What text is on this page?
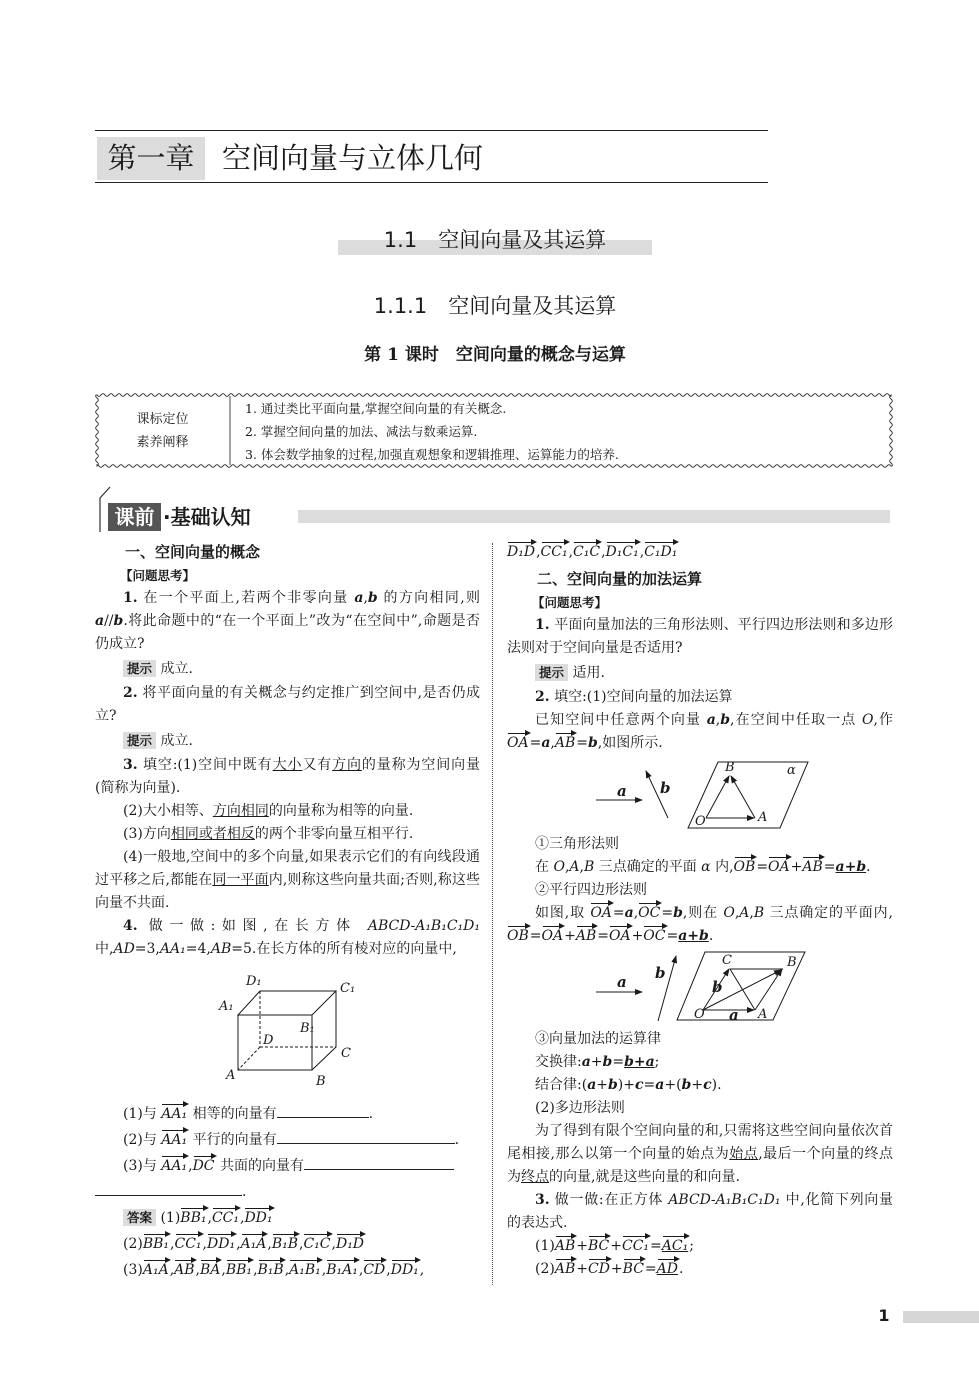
第一章 空间向量与立体几何
1.1　空间向量及其运算
1.1.1　空间向量及其运算
第 1 课时　空间向量的概念与运算
课标定位
素养阐释
1. 通过类比平面向量,掌握空间向量的有关概念.
2. 掌握空间向量的加法、减法与数乘运算.
3. 体会数学抽象的过程,加强直观想象和逻辑推理、运算能力的培养.
课前 ·基础认知

一、空间向量的概念

【问题思考】

1. 在一个平面上,若两个非零向量 a,b 的方向相同,则 a//b.将此命题中的“在一个平面上”改为“在空间中”,命题是否仍成立?

提示 成立.

2. 将平面向量的有关概念与约定推广到空间中,是否仍成立?

提示 成立.

3. 填空:(1)空间中既有大小又有方向的量称为空间向量(简称为向量).

(2)大小相等、方向相同的向量称为相等的向量.

(3)方向相同或者相反的两个非零向量互相平行.

(4)一般地,空间中的多个向量,如果表示它们的有向线段通过平移之后,都能在同一平面内,则称这些向量共面;否则,称这些向量不共面.

4. 做一做:如图,在长方体 ABCD-A₁B₁C₁D₁ 中,AD=3,AA₁=4,AB=5.在长方体的所有棱对应的向量中,

D₁	C₁
A₁
B₁
D
C
A	B

(1)与 AA₁ 相等的向量有	.

(2)与 AA₁ 平行的向量有	.

(3)与 AA₁,DC 共面的向量有
.

答案 (1)BB₁,CC₁,DD₁

(2)BB₁,CC₁,DD₁,A₁A,B₁B,C₁C,D₁D

(3)A₁A,AB,BA,BB₁,B₁B,A₁B₁,B₁A₁,CD,DD₁,

D₁D,CC₁,C₁C,D₁C₁,C₁D₁

二、空间向量的加法运算

【问题思考】

1. 平面向量加法的三角形法则、平行四边形法则和多边形法则对于空间向量是否适用?

提示 适用.

2. 填空:(1)空间向量的加法运算

已知空间中任意两个向量 a,b,在空间中任取一点 O,作 OA=a,AB=b,如图所示.

a b
B	α
O	A

①三角形法则

在 O,A,B 三点确定的平面 α 内,OB=OA+AB=a+b.

②平行四边形法则

如图,取 OA=a,OC=b,则在 O,A,B 三点确定的平面内,OB=OA+AB=OA+OC=a+b.

a b
C	B
b
O a A

③向量加法的运算律

交换律:a+b=b+a;

结合律:(a+b)+c=a+(b+c).

(2)多边形法则

为了得到有限个空间向量的和,只需将这些空间向量依次首尾相接,那么以第一个向量的始点为始点,最后一个向量的终点为终点的向量,就是这些向量的和向量.

3. 做一做:在正方体 ABCD-A₁B₁C₁D₁ 中,化简下列向量的表达式.

(1)AB+BC+CC₁=AC₁;

(2)AB+CD+BC=AD.

1
